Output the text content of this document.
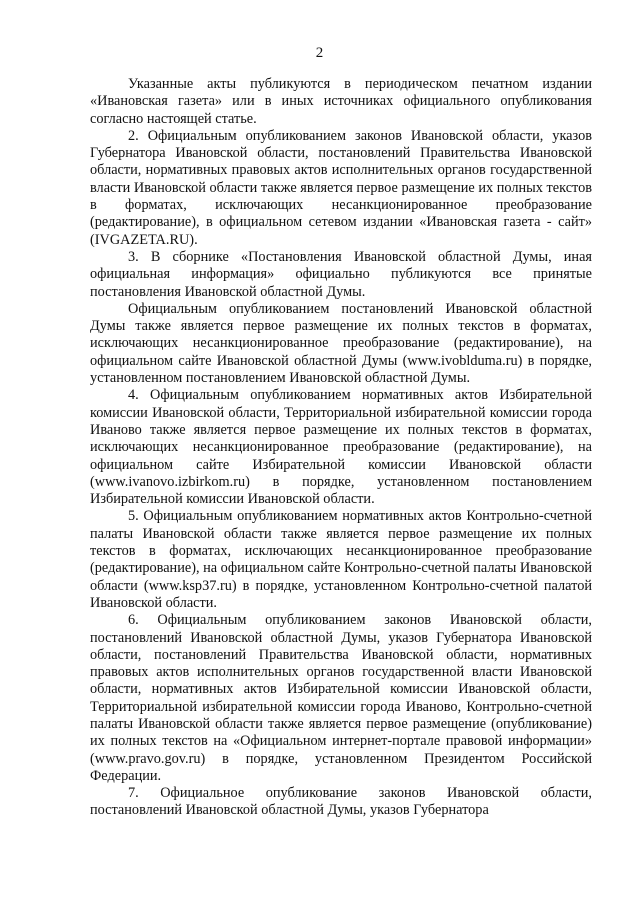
2

Указанные акты публикуются в периодическом печатном издании «Ивановская газета» или в иных источниках официального опубликования согласно настоящей статье.

2. Официальным опубликованием законов Ивановской области, указов Губернатора Ивановской области, постановлений Правительства Ивановской области, нормативных правовых актов исполнительных органов государственной власти Ивановской области также является первое размещение их полных текстов в форматах, исключающих несанкционированное преобразование (редактирование), в официальном сетевом издании «Ивановская газета - сайт» (IVGAZETA.RU).

3. В сборнике «Постановления Ивановской областной Думы, иная официальная информация» официально публикуются все принятые постановления Ивановской областной Думы.

Официальным опубликованием постановлений Ивановской областной Думы также является первое размещение их полных текстов в форматах, исключающих несанкционированное преобразование (редактирование), на официальном сайте Ивановской областной Думы (www.ivoblduma.ru) в порядке, установленном постановлением Ивановской областной Думы.

4. Официальным опубликованием нормативных актов Избирательной комиссии Ивановской области, Территориальной избирательной комиссии города Иваново также является первое размещение их полных текстов в форматах, исключающих несанкционированное преобразование (редактирование), на официальном сайте Избирательной комиссии Ивановской области (www.ivanovo.izbirkom.ru) в порядке, установленном постановлением Избирательной комиссии Ивановской области.

5. Официальным опубликованием нормативных актов Контрольно-счетной палаты Ивановской области также является первое размещение их полных текстов в форматах, исключающих несанкционированное преобразование (редактирование), на официальном сайте Контрольно-счетной палаты Ивановской области (www.ksp37.ru) в порядке, установленном Контрольно-счетной палатой Ивановской области.

6. Официальным опубликованием законов Ивановской области, постановлений Ивановской областной Думы, указов Губернатора Ивановской области, постановлений Правительства Ивановской области, нормативных правовых актов исполнительных органов государственной власти Ивановской области, нормативных актов Избирательной комиссии Ивановской области, Территориальной избирательной комиссии города Иваново, Контрольно-счетной палаты Ивановской области также является первое размещение (опубликование) их полных текстов на «Официальном интернет-портале правовой информации» (www.pravo.gov.ru) в порядке, установленном Президентом Российской Федерации.

7. Официальное опубликование законов Ивановской области, постановлений Ивановской областной Думы, указов Губернатора
